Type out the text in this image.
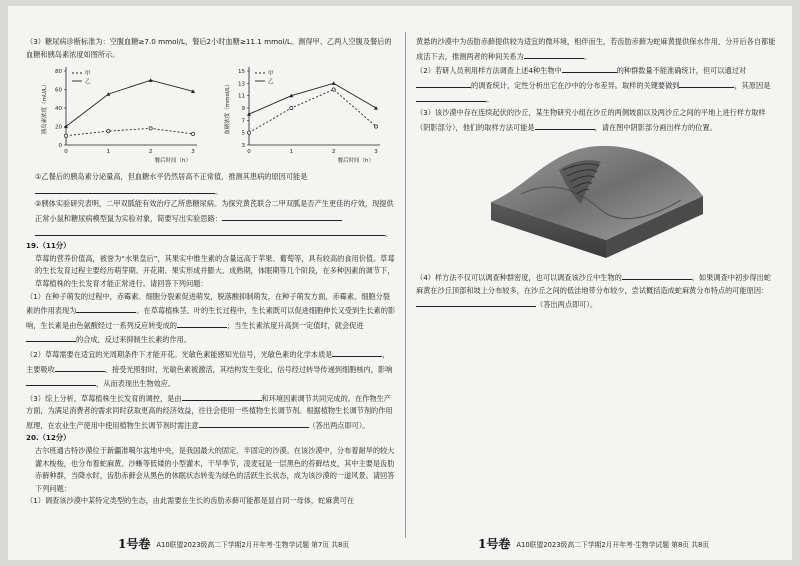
（3）糖尿病诊断标准为：空腹血糖≥7.0 mmol/L，餐后2小时血糖≥11.1 mmol/L。测得甲、乙两人空腹及餐后的血糖和胰岛素浓度如图所示。

0
20
40
60
80
0	1	2	3
餐后时间（h）
胰岛素浓度（mU/L）
甲
乙
3
5
7
9
11
13
15
0	1	2	3
餐后时间（h）
血糖浓度（mmol/L）
甲
乙

①乙餐后的胰岛素分泌量高，但血糖水平仍然居高不正常值，推测其患病的原因可能是。

②胰体实验研究表明，二甲双胍能有效治疗乙所患糖尿病。为探究黄芪联合二甲双胍是否产生更佳的疗效，现提供正常小鼠和糖尿病模型鼠为实验对象，简要写出实验思路：

。

19.（11分）

草莓的营养价值高，被誉为“水果皇后”，其果实中维生素的含量远高于苹果、葡萄等，具有较高的食用价值。草莓的生长发育过程主要经历萌芽期、开花期、果实形成并膨大、成熟期，体眠期等几个阶段，在多种因素的调节下，草莓植株的生长发育才能正常进行。请回答下列问题：

（1）在种子萌发的过程中，赤霉素、细胞分裂素促进萌发，脱落酸抑制萌发，在种子萌发方面，赤霉素、细胞分裂素的作用表现为	。在草莓植株茎、叶的生长过程中，生长素既可以促进细胞伸长又受到生长素的影响，生长素是由色氨酸经过一系列反应转变成的	；当生长素浓度升高到一定值时，就会促进的合成，反过来抑制生长素的作用。

（2）草莓需要在适宜的光周期条件下才能开花。光敏色素能感知光信号，光敏色素的化学本质是	，主要吸收	。接受光照射时，光敏色素被激活，其结构发生变化，信号经过转导传递到细胞核内，影响，从而表现出生物效应。

（3）综上分析，草莓植株生长发育的调控，是由	和环境因素调节共同完成的。在作物生产方面，为满足消费者的需求同时获取更高的经济效益，往往会使用一些植物生长调节剂。根据植物生长调节剂的作用原理，在农业生产使用中使用植物生长调节剂时需注意	（答出两点即可）。

20.（12分）

古尔班通古特沙漠位于新疆准噶尔盆地中央，是我国最大的固定、半固定的沙漠。在该沙漠中，分布着耐旱的较大灌木梭梭，也分布着蛇麻黄、沙蜥等低矮的小型灌木，干旱季节，凌麦冠是一层黑色的苔藓结皮，其中主要是齿肋赤藓种群，当降水时，齿肋赤藓会从黑色的休眠状态转变为绿色的活跃生长状态，成为该沙漠的一道风景。请回答下列问题：

（1）调查该沙漠中某特定类型的生态，由此需要在生长的齿肋赤藓可能都是显自同一母体，蛇麻黄可在

黄悬的沙漠中为齿肋赤藓提供较为适宜的微环境，相伴而生，若齿肋赤藓为蛇麻黄提供保水作用，分开后各自都能成活下去，推测两者的种间关系为	。

（2）若研人员利用样方法调查上述4种生物中	的种群数量不能准确统计，但可以通过对的调查统计，定性分析出它在沙中的分布差异。取样的关键要做到	，其原因是。

（3）该沙漠中存在连续起伏的沙丘，某生物研究小组在沙丘的两侧坡面以及两沙丘之间的平地上进行样方取样（阴影部分），他们的取样方法可能是	，请在图中阴影部分画出样方的位置。

（4）样方法不仅可以调查种群密度，也可以调查该沙丘中生物的	。如果调查中初步得出蛇麻黄在沙丘顶部和坡上分布较多，在沙丘之间的低洼地带分布较少，尝试概括造成蛇麻黄分布特点的可能原因：（答出两点即可）。

1号卷 A10联盟2023级高二下学期2月开年考·生物学试题 第7页 共8页	1号卷 A10联盟2023级高二下学期2月开年考·生物学试题 第8页 共8页
